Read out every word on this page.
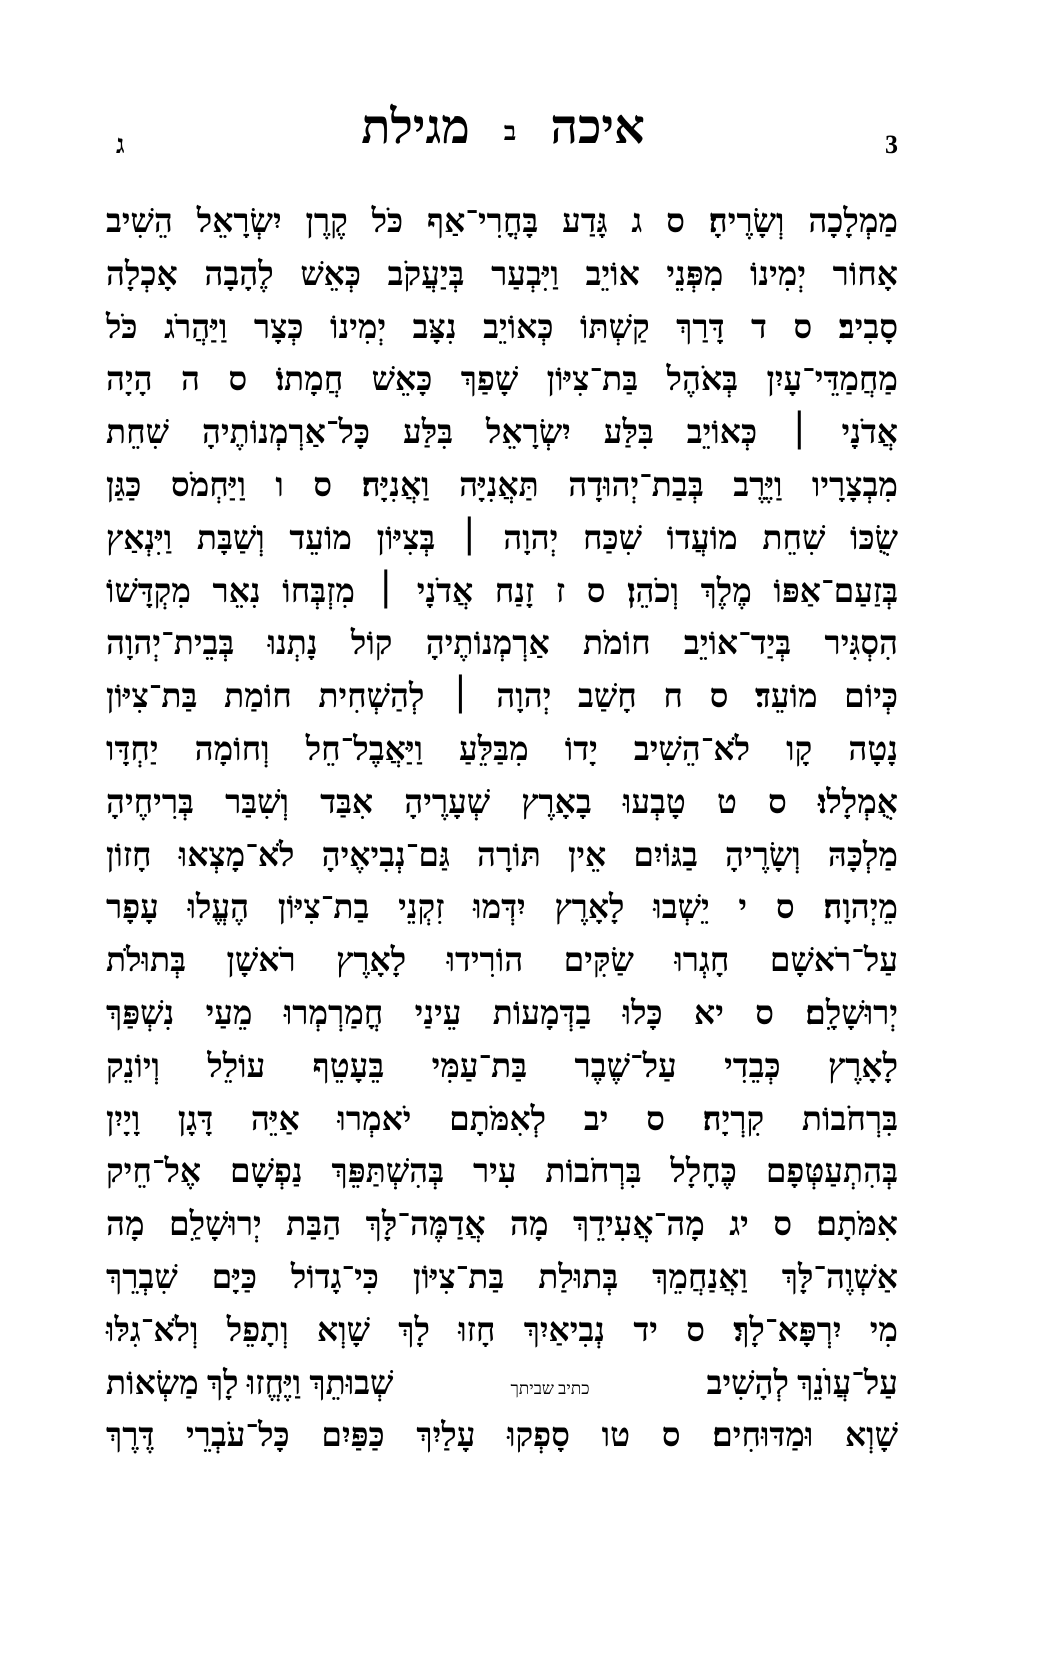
ג	מגילת ב איכה	3
מַמְלָכָה וְשָׂרֶיהָ׃ ס ג גָּדַע בָּחֳרִי־אַף כֹּל קֶרֶן יִשְׂרָאֵל הֵשִׁיב
אָחוֹר יְמִינוֹ מִפְּנֵי אוֹיֵב וַיִּבְעַר בְּיַעֲקֹב כְּאֵשׁ לֶהָבָה אָכְלָה
סָבִיב׃ ס ד דָּרַךְ קַשְׁתּוֹ כְּאוֹיֵב נִצָּב יְמִינוֹ כְּצָר וַיַּהֲרֹג כֹּל
מַחֲמַדֵּי־עָיִן בְּאֹהֶל בַּת־צִיּוֹן שָׁפַךְ כָּאֵשׁ חֲמָתוֹ׃ ס ה הָיָה
אֲדֹנָי ׀ כְּאוֹיֵב בִּלַּע יִשְׂרָאֵל בִּלַּע כָּל־אַרְמְנוֹתֶיהָ שִׁחֵת
מִבְצָרָיו וַיֶּרֶב בְּבַת־יְהוּדָה תַּאֲנִיָּה וַאֲנִיָּה׃ ס ו וַיַּחְמֹס כַּגַּן
שֻׂכּוֹ שִׁחֵת מוֹעֲדוֹ שִׁכַּח יְהוָה ׀ בְּצִיּוֹן מוֹעֵד וְשַׁבָּת וַיִּנְאַץ
בְּזַעַם־אַפּוֹ מֶלֶךְ וְכֹהֵן׃ ס ז זָנַח אֲדֹנָי ׀ מִזְבְּחוֹ נִאֵר מִקְדָּשׁוֹ
הִסְגִּיר בְּיַד־אוֹיֵב חוֹמֹת אַרְמְנוֹתֶיהָ קוֹל נָתְנוּ בְּבֵית־יְהוָה
כְּיוֹם מוֹעֵד׃ ס ח חָשַׁב יְהוָה ׀ לְהַשְׁחִית חוֹמַת בַּת־צִיּוֹן
נָטָה קָו לֹא־הֵשִׁיב יָדוֹ מִבַּלֵּעַ וַיַּאֲבֶל־חֵל וְחוֹמָה יַחְדָּו
אֻמְלָלוּ׃ ס ט טָבְעוּ בָאָרֶץ שְׁעָרֶיהָ אִבַּד וְשִׁבַּר בְּרִיחֶיהָ
מַלְכָּהּ וְשָׂרֶיהָ בַגּוֹיִם אֵין תּוֹרָה גַּם־נְבִיאֶיהָ לֹא־מָצְאוּ חָזוֹן
מֵיְהוָה׃ ס י יֵשְׁבוּ לָאָרֶץ יִדְּמוּ זִקְנֵי בַת־צִיּוֹן הֶעֱלוּ עָפָר
עַל־רֹאשָׁם חָגְרוּ שַׂקִּים הוֹרִידוּ לָאָרֶץ רֹאשָׁן בְּתוּלֹת
יְרוּשָׁלִָם׃ ס יא כָּלוּ בַדְּמָעוֹת עֵינַי חֳמַרְמְרוּ מֵעַי נִשְׁפַּךְ
לָאָרֶץ כְּבֵדִי עַל־שֶׁבֶר בַּת־עַמִּי בֵּעָטֵף עוֹלֵל וְיוֹנֵק
בִּרְחֹבוֹת קִרְיָה׃ ס יב לְאִמֹּתָם יֹאמְרוּ אַיֵּה דָּגָן וָיָיִן
בְּהִתְעַטְּפָם כֶּחָלָל בִּרְחֹבוֹת עִיר בְּהִשְׁתַּפֵּךְ נַפְשָׁם אֶל־חֵיק
אִמֹּתָם׃ ס יג מָה־אֲעִידֵךְ מָה אֲדַמֶּה־לָּךְ הַבַּת יְרוּשָׁלִַם מָה
אַשְׁוֶה־לָּךְ וַאֲנַחֲמֵךְ בְּתוּלַת בַּת־צִיּוֹן כִּי־גָדוֹל כַּיָּם שִׁבְרֵךְ
מִי יִרְפָּא־לָךְ׃ ס יד נְבִיאַיִךְ חָזוּ לָךְ שָׁוְא וְתָפֵל וְלֹא־גִלּוּ
עַל־עֲוֺנֵךְ לְהָשִׁיב
כתיב שביתך
שְׁבוּתֵךְ וַיֶּחֱזוּ לָךְ מַשְׂאוֹת
שָׁוְא וּמַדּוּחִים׃ ס טו סָפְקוּ עָלַיִךְ כַּפַּיִם כָּל־עֹבְרֵי דֶּרֶךְ
